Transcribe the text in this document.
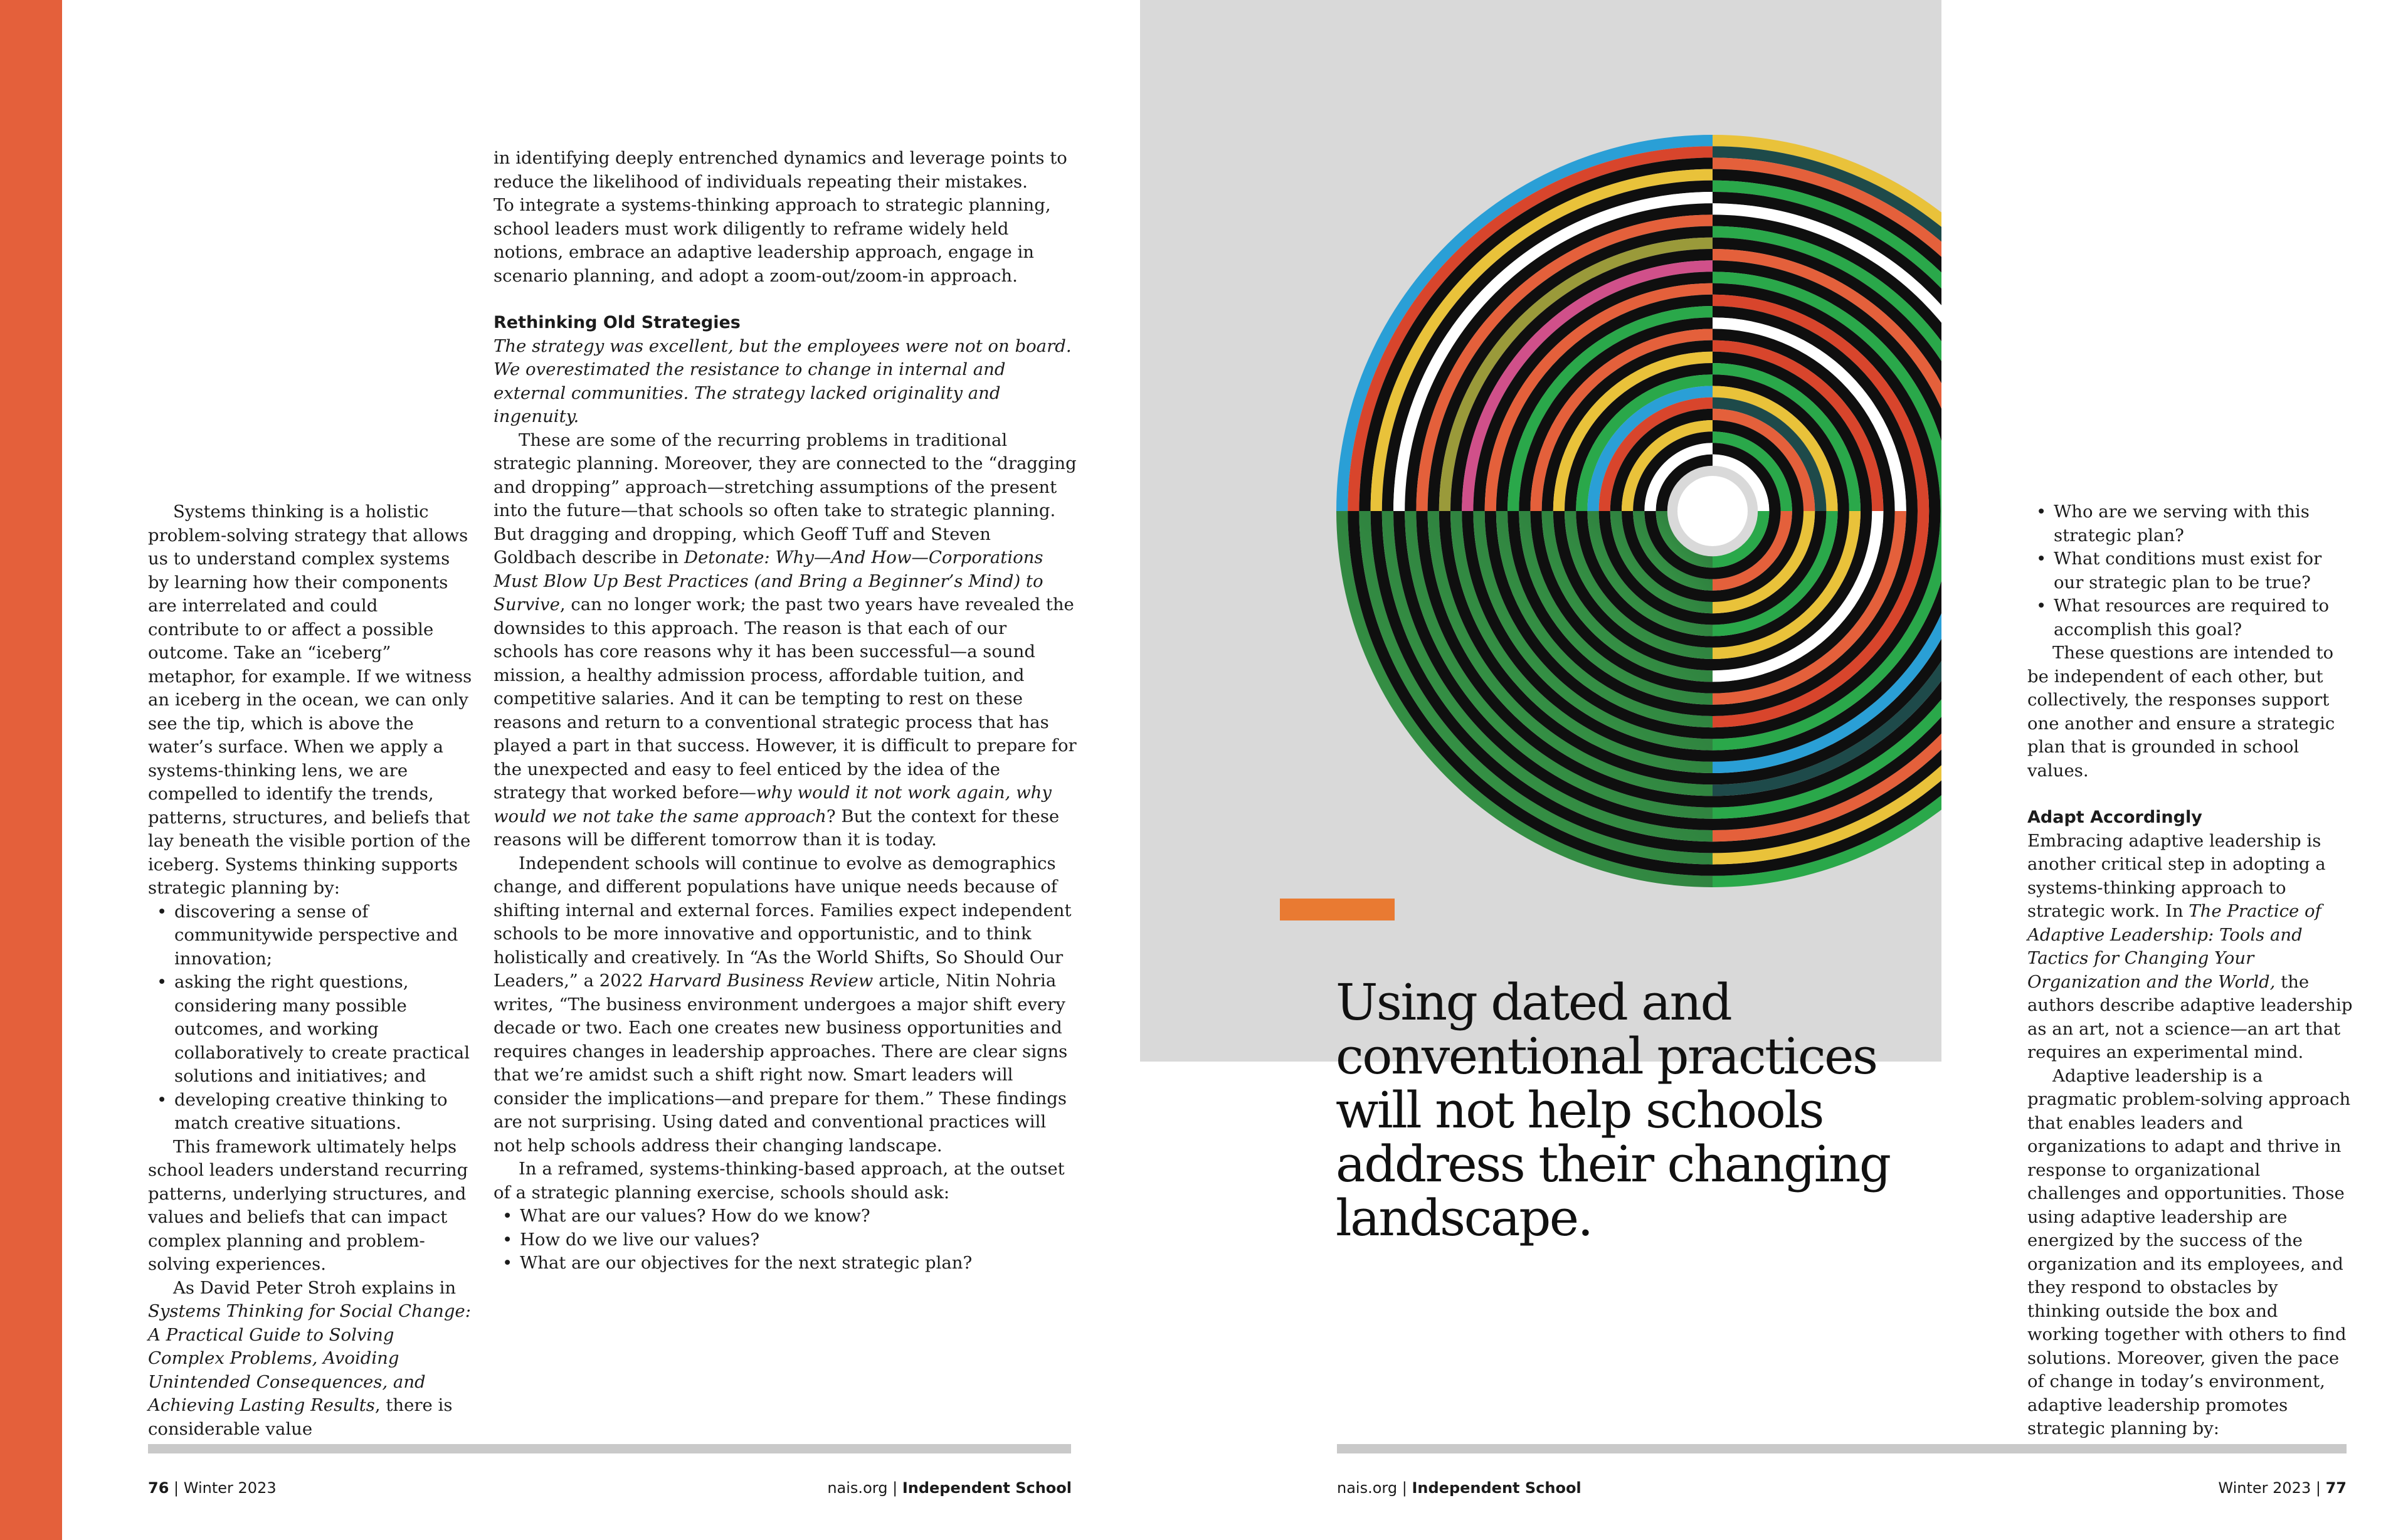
Systems thinking is a holistic problem-solving strategy that allows us to understand complex systems by learning how their components are interrelated and could contribute to or affect a possible outcome. Take an “iceberg” metaphor, for example. If we witness an iceberg in the ocean, we can only see the tip, which is above the water’s surface. When we apply a systems-thinking lens, we are compelled to identify the trends, patterns, structures, and beliefs that lay beneath the visible portion of the iceberg. Systems thinking supports strategic planning by:

• discovering a sense of communitywide perspective and innovation;
• asking the right questions, considering many possible outcomes, and working collaboratively to create practical solutions and initiatives; and
• developing creative thinking to match creative situations.

This framework ultimately helps school leaders understand recurring patterns, underlying structures, and values and beliefs that can impact complex planning and problem-solving experiences.

As David Peter Stroh explains in Systems Thinking for Social Change: A Practical Guide to Solving Complex Problems, Avoiding Unintended Consequences, and Achieving Lasting Results, there is considerable value

in identifying deeply entrenched dynamics and leverage points to reduce the likelihood of individuals repeating their mistakes.

To integrate a systems-thinking approach to strategic planning, school leaders must work diligently to reframe widely held notions, embrace an adaptive leadership approach, engage in scenario planning, and adopt a zoom-out/zoom-in approach.

Rethinking Old Strategies

The strategy was excellent, but the employees were not on board. We overestimated the resistance to change in internal and external communities. The strategy lacked originality and ingenuity.

These are some of the recurring problems in traditional strategic planning. Moreover, they are connected to the “dragging and dropping” approach—stretching assumptions of the present into the future—that schools so often take to strategic planning. But dragging and dropping, which Geoff Tuff and Steven Goldbach describe in Detonate: Why—And How—Corporations Must Blow Up Best Practices (and Bring a Beginner’s Mind) to Survive, can no longer work; the past two years have revealed the downsides to this approach. The reason is that each of our schools has core reasons why it has been successful—a sound mission, a healthy admission process, affordable tuition, and competitive salaries. And it can be tempting to rest on these reasons and return to a conventional strategic process that has played a part in that success. However, it is difficult to prepare for the unexpected and easy to feel enticed by the idea of the strategy that worked before—why would it not work again, why would we not take the same approach? But the context for these reasons will be different tomorrow than it is today.

Independent schools will continue to evolve as demographics change, and different populations have unique needs because of shifting internal and external forces. Families expect independent schools to be more innovative and opportunistic, and to think holistically and creatively. In “As the World Shifts, So Should Our Leaders,” a 2022 Harvard Business Review article, Nitin Nohria writes, “The business environment undergoes a major shift every decade or two. Each one creates new business opportunities and requires changes in leadership approaches. There are clear signs that we’re amidst such a shift right now. Smart leaders will consider the implications—and prepare for them.” These findings are not surprising. Using dated and conventional practices will not help schools address their changing landscape.

In a reframed, systems-thinking-based approach, at the outset of a strategic planning exercise, schools should ask:

• What are our values? How do we know?
• How do we live our values?
• What are our objectives for the next strategic plan?
Using dated and conventional practices will not help schools address their changing landscape.
• Who are we serving with this strategic plan?
• What conditions must exist for our strategic plan to be true?
• What resources are required to accomplish this goal?

These questions are intended to be independent of each other, but collectively, the responses support one another and ensure a strategic plan that is grounded in school values.

Adapt Accordingly

Embracing adaptive leadership is another critical step in adopting a systems-thinking approach to strategic work. In The Practice of Adaptive Leadership: Tools and Tactics for Changing Your Organization and the World, the authors describe adaptive leadership as an art, not a science—an art that requires an experimental mind.

Adaptive leadership is a pragmatic problem-solving approach that enables leaders and organizations to adapt and thrive in response to organizational challenges and opportunities. Those using adaptive leadership are energized by the success of the organization and its employees, and they respond to obstacles by thinking outside the box and working together with others to find solutions. Moreover, given the pace of change in today’s environment, adaptive leadership promotes strategic planning by:

76 | Winter 2023	nais.org | Independent School	nais.org | Independent School	Winter 2023 | 77
